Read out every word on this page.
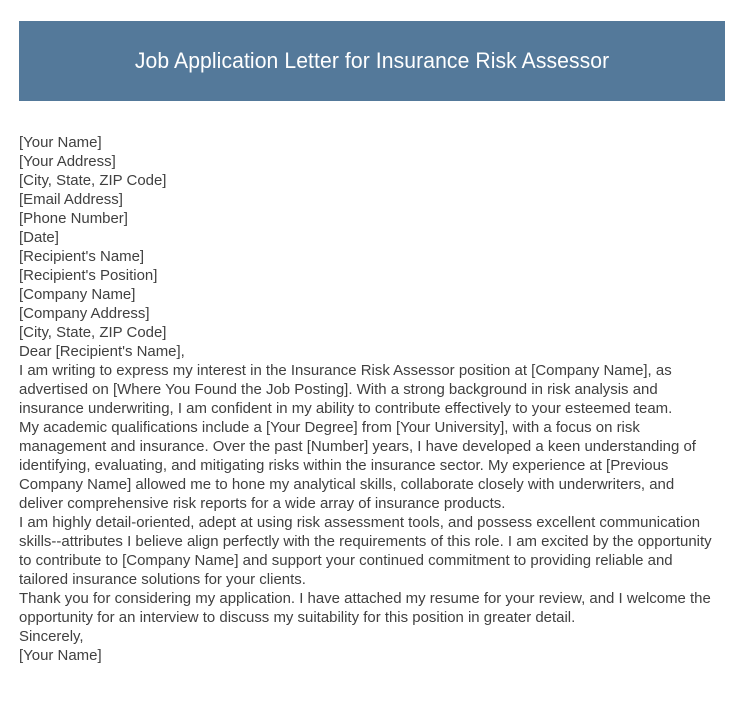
Job Application Letter for Insurance Risk Assessor
[Your Name]
[Your Address]
[City, State, ZIP Code]
[Email Address]
[Phone Number]
[Date]
[Recipient's Name]
[Recipient's Position]
[Company Name]
[Company Address]
[City, State, ZIP Code]
Dear [Recipient's Name],
I am writing to express my interest in the Insurance Risk Assessor position at [Company Name], as advertised on [Where You Found the Job Posting]. With a strong background in risk analysis and insurance underwriting, I am confident in my ability to contribute effectively to your esteemed team.
My academic qualifications include a [Your Degree] from [Your University], with a focus on risk management and insurance. Over the past [Number] years, I have developed a keen understanding of identifying, evaluating, and mitigating risks within the insurance sector. My experience at [Previous Company Name] allowed me to hone my analytical skills, collaborate closely with underwriters, and deliver comprehensive risk reports for a wide array of insurance products.
I am highly detail-oriented, adept at using risk assessment tools, and possess excellent communication skills--attributes I believe align perfectly with the requirements of this role. I am excited by the opportunity to contribute to [Company Name] and support your continued commitment to providing reliable and tailored insurance solutions for your clients.
Thank you for considering my application. I have attached my resume for your review, and I welcome the opportunity for an interview to discuss my suitability for this position in greater detail.
Sincerely,
[Your Name]
